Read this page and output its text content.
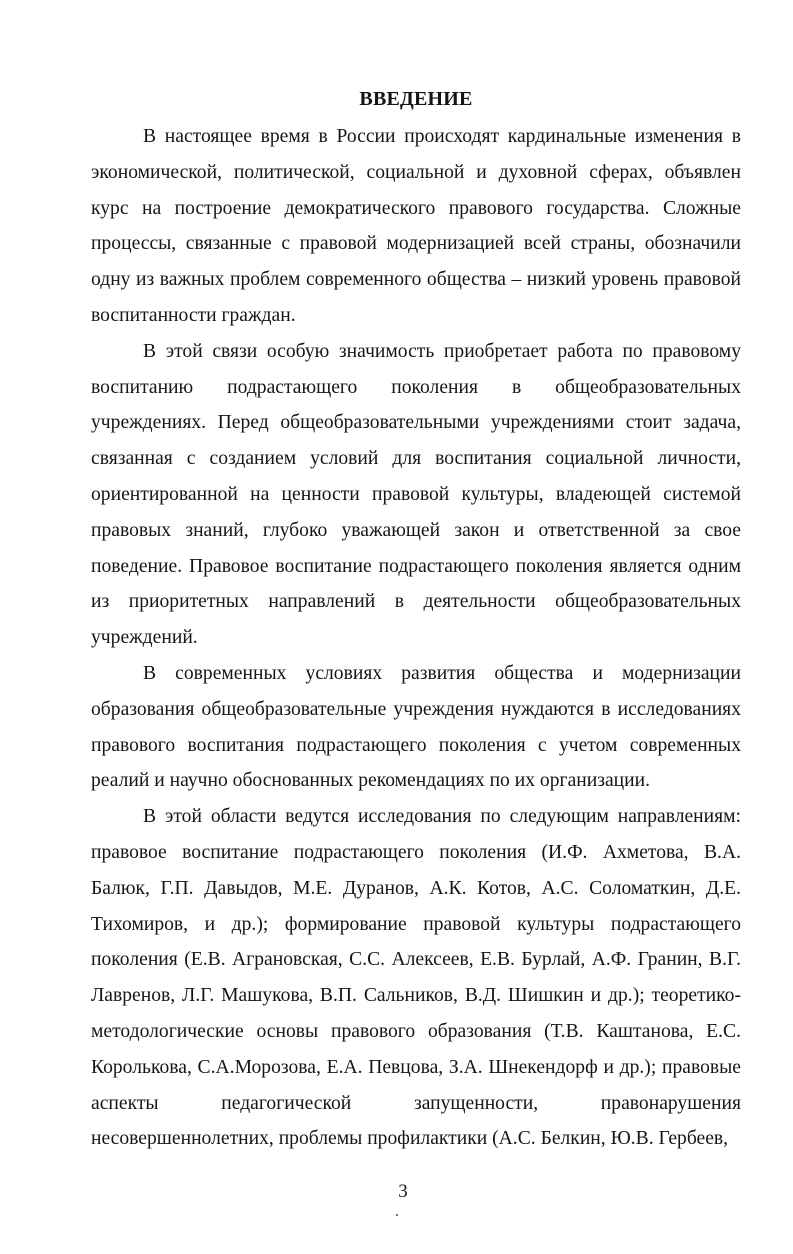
ВВЕДЕНИЕ

В настоящее время в России происходят кардинальные изменения в экономической, политической, социальной и духовной сферах, объявлен курс на построение демократического правового государства. Сложные процессы, связанные с правовой модернизацией всей страны, обозначили одну из важных проблем современного общества – низкий уровень правовой воспитанности граждан.

В этой связи особую значимость приобретает работа по правовому воспитанию подрастающего поколения в общеобразовательных учреждениях. Перед общеобразовательными учреждениями стоит задача, связанная с созданием условий для воспитания социальной личности, ориентированной на ценности правовой культуры, владеющей системой правовых знаний, глубоко уважающей закон и ответственной за свое поведение. Правовое воспитание подрастающего поколения является одним из приоритетных направлений в деятельности общеобразовательных учреждений.

В современных условиях развития общества и модернизации образования общеобразовательные учреждения нуждаются в исследованиях правового воспитания подрастающего поколения с учетом современных реалий и научно обоснованных рекомендациях по их организации.

В этой области ведутся исследования по следующим направлениям: правовое воспитание подрастающего поколения (И.Ф. Ахметова, В.А. Балюк, Г.П. Давыдов, М.Е. Дуранов, А.К. Котов, А.С. Соломаткин, Д.Е. Тихомиров, и др.); формирование правовой культуры подрастающего поколения (Е.В. Аграновская, С.С. Алексеев, Е.В. Бурлай, А.Ф. Гранин, В.Г. Лавренов, Л.Г. Машукова, В.П. Сальников, В.Д. Шишкин и др.); теоретико-методологические основы правового образования (Т.В. Каштанова, Е.С. Королькова, С.А.Морозова, Е.А. Певцова, З.А. Шнекендорф и др.); правовые аспекты педагогической запущенности, правонарушения несовершеннолетних, проблемы профилактики (А.С. Белкин, Ю.В. Гербеев,

3
